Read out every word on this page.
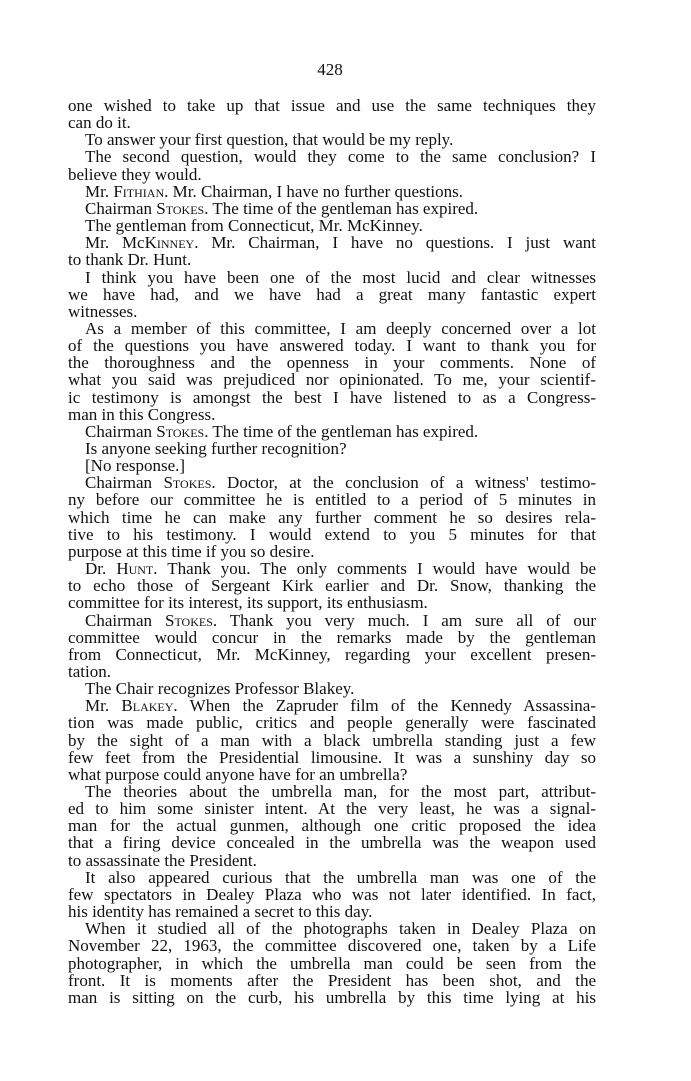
428
one wished to take up that issue and use the same techniques they
can do it.
To answer your first question, that would be my reply.
The second question, would they come to the same conclusion? I
believe they would.
Mr. Fithian. Mr. Chairman, I have no further questions.
Chairman Stokes. The time of the gentleman has expired.
The gentleman from Connecticut, Mr. McKinney.
Mr. McKinney. Mr. Chairman, I have no questions. I just want
to thank Dr. Hunt.
I think you have been one of the most lucid and clear witnesses
we have had, and we have had a great many fantastic expert
witnesses.
As a member of this committee, I am deeply concerned over a lot
of the questions you have answered today. I want to thank you for
the thoroughness and the openness in your comments. None of
what you said was prejudiced nor opinionated. To me, your scientif-
ic testimony is amongst the best I have listened to as a Congress-
man in this Congress.
Chairman Stokes. The time of the gentleman has expired.
Is anyone seeking further recognition?
[No response.]
Chairman Stokes. Doctor, at the conclusion of a witness' testimo-
ny before our committee he is entitled to a period of 5 minutes in
which time he can make any further comment he so desires rela-
tive to his testimony. I would extend to you 5 minutes for that
purpose at this time if you so desire.
Dr. Hunt. Thank you. The only comments I would have would be
to echo those of Sergeant Kirk earlier and Dr. Snow, thanking the
committee for its interest, its support, its enthusiasm.
Chairman Stokes. Thank you very much. I am sure all of our
committee would concur in the remarks made by the gentleman
from Connecticut, Mr. McKinney, regarding your excellent presen-
tation.
The Chair recognizes Professor Blakey.
Mr. Blakey. When the Zapruder film of the Kennedy Assassina-
tion was made public, critics and people generally were fascinated
by the sight of a man with a black umbrella standing just a few
few feet from the Presidential limousine. It was a sunshiny day so
what purpose could anyone have for an umbrella?
The theories about the umbrella man, for the most part, attribut-
ed to him some sinister intent. At the very least, he was a signal-
man for the actual gunmen, although one critic proposed the idea
that a firing device concealed in the umbrella was the weapon used
to assassinate the President.
It also appeared curious that the umbrella man was one of the
few spectators in Dealey Plaza who was not later identified. In fact,
his identity has remained a secret to this day.
When it studied all of the photographs taken in Dealey Plaza on
November 22, 1963, the committee discovered one, taken by a Life
photographer, in which the umbrella man could be seen from the
front. It is moments after the President has been shot, and the
man is sitting on the curb, his umbrella by this time lying at his
